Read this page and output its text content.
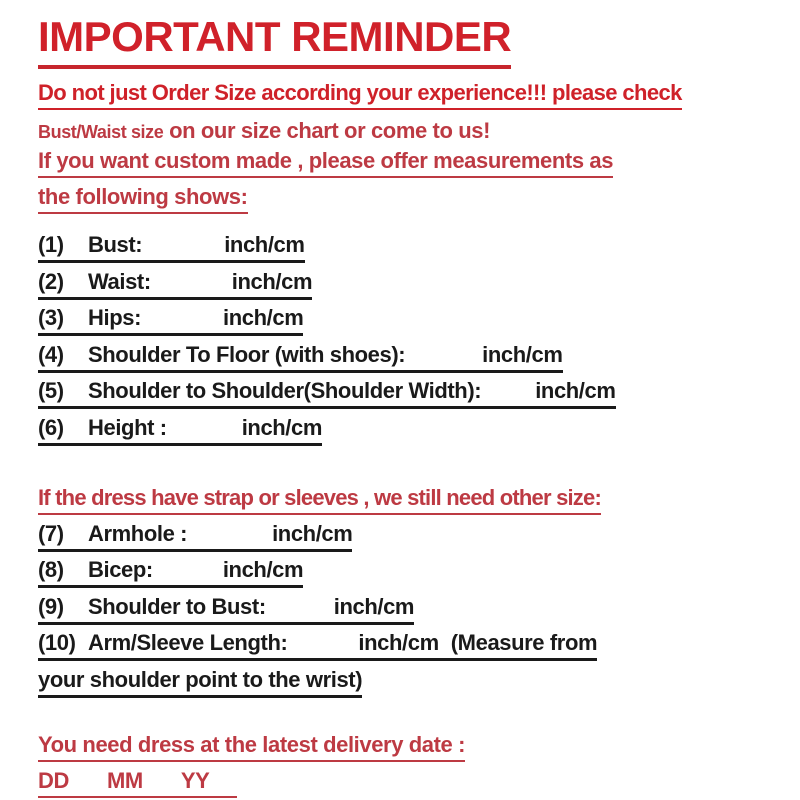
IMPORTANT REMINDER
Do not just Order Size according your experience!!! please check
Bust/Waist size on our size chart or come to us!
If you want custom made , please offer measurements as
the following shows:
(1) Bust:	inch/cm
(2) Waist:	inch/cm
(3) Hips:	inch/cm
(4) Shoulder To Floor (with shoes):	inch/cm
(5) Shoulder to Shoulder(Shoulder Width): inch/cm
(6) Height :	inch/cm
If the dress have strap or sleeves , we still need other size:
(7) Armhole :	inch/cm
(8) Bicep:	inch/cm
(9) Shoulder to Bust:	inch/cm
(10) Arm/Sleeve Length:	inch/cm (Measure from
your shoulder point to the wrist)
You need dress at the latest delivery date :
DD MM YY
